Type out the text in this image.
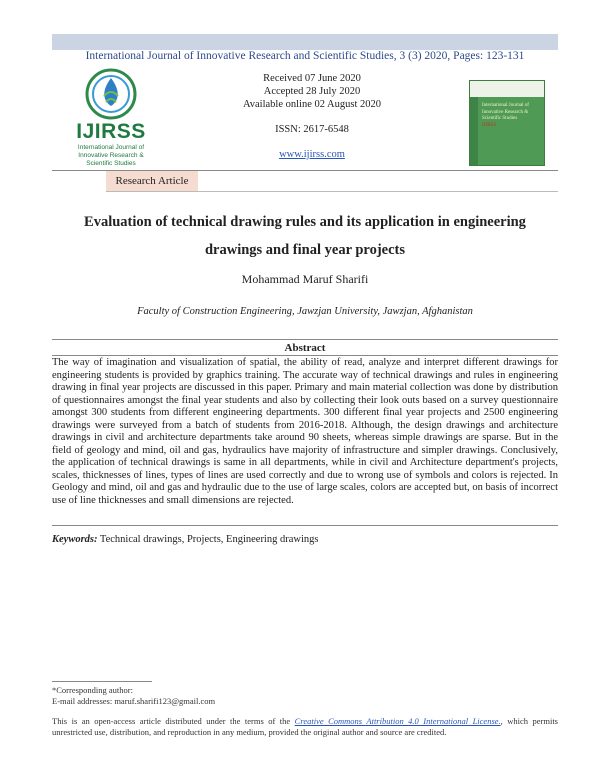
International Journal of Innovative Research and Scientific Studies, 3 (3) 2020, Pages: 123-131
IJIRSS
International Journal of Innovative Research & Scientific Studies
Received 07 June 2020
Accepted 28 July 2020
Available online 02 August 2020
ISSN: 2617-6548
www.ijirss.com
International Journal of Innovative Research & Scientific Studies
IJIRSS
Research Article
Evaluation of technical drawing rules and its application in engineering drawings and final year projects
Mohammad Maruf Sharifi
Faculty of Construction Engineering, Jawzjan University, Jawzjan, Afghanistan
Abstract
The way of imagination and visualization of spatial, the ability of read, analyze and interpret different drawings for engineering students is provided by graphics training. The accurate way of technical drawings and rules in engineering drawing in final year projects are discussed in this paper. Primary and main material collection was done by distribution of questionnaires amongst the final year students and also by collecting their look outs based on a survey questionnaire amongst 300 students from different engineering departments. 300 different final year projects and 2500 engineering drawings were surveyed from a batch of students from 2016-2018. Although, the design drawings and architecture drawings in civil and architecture departments take around 90 sheets, whereas simple drawings are sparse. But in the field of geology and mind, oil and gas, hydraulics have majority of infrastructure and simpler drawings. Conclusively, the application of technical drawings is same in all departments, while in civil and Architecture department's projects, scales, thicknesses of lines, types of lines are used correctly and due to wrong use of symbols and colors is rejected. In Geology and mind, oil and gas and hydraulic due to the use of large scales, colors are accepted but, on basis of incorrect use of line thicknesses and small dimensions are rejected.
Keywords: Technical drawings, Projects, Engineering drawings
*Corresponding author:
E-mail addresses: maruf.sharifi123@gmail.com
This is an open-access article distributed under the terms of the Creative Commons Attribution 4.0 International License., which permits unrestricted use, distribution, and reproduction in any medium, provided the original author and source are credited.
